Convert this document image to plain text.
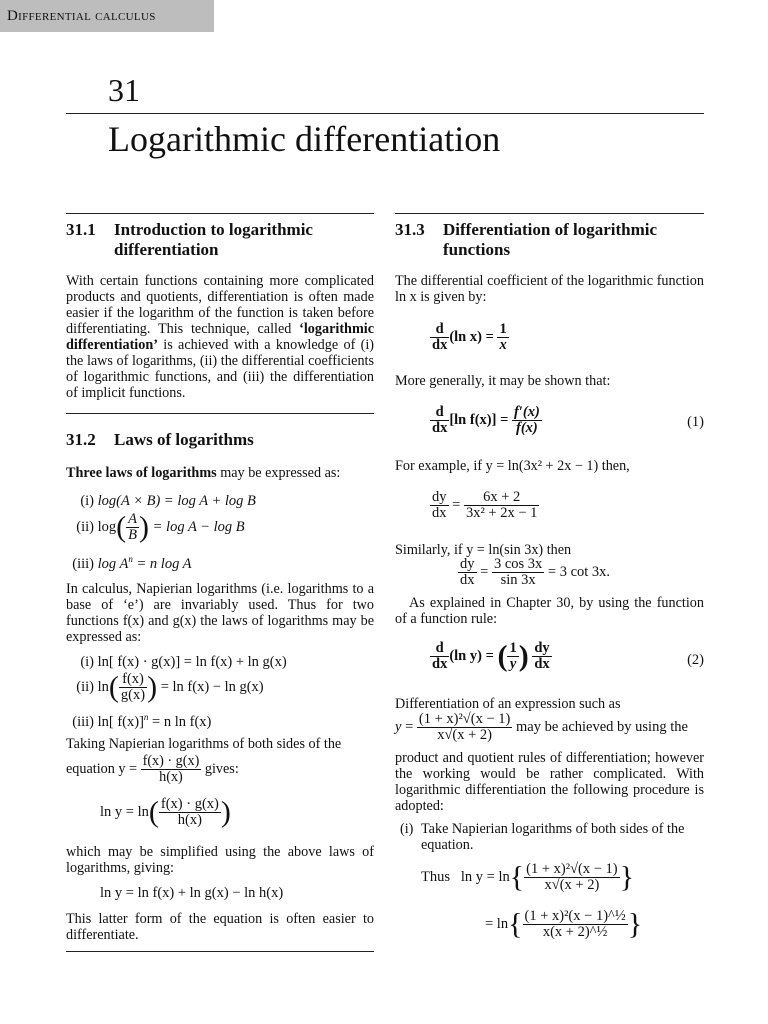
Differential calculus
31
Logarithmic differentiation
31.1 Introduction to logarithmic
differentiation

With certain functions containing more complicated products and quotients, differentiation is often made easier if the logarithm of the function is taken before differentiating. This technique, called ‘logarithmic differentiation’ is achieved with a knowledge of (i) the laws of logarithms, (ii) the differential coefficients of logarithmic functions, and (iii) the differentiation of implicit functions.

31.2 Laws of logarithms

Three laws of logarithms may be expressed as:

(i) log(A × B) = log A + log B
(ii) $\log( \frac{A}{B}$ ) = log A − log B
(iii) $\log A^n = n$ log A

In calculus, Napierian logarithms (i.e. logarithms to a base of ‘e’) are invariably used. Thus for two functions f(x) and g(x) the laws of logarithms may be expressed as:

(i) ln[ f(x) · g(x)] = ln f(x) + ln g(x)
(ii) $\ln( \frac{f(x)}{g(x)}$ ) = ln f(x) − ln g(x)
(iii) ln[ f(x)]$^n$ = n ln f(x)

Taking Napierian logarithms of both sides of the

equation $y = \frac{f(x) \cdot g(x)}{h(x)}$ gives:

$\ln y = \ln( \frac{f(x) \cdot g(x)}{h(x)}$ )

which may be simplified using the above laws of logarithms, giving:

ln y = ln f(x) + ln g(x) − ln h(x)

This latter form of the equation is often easier to differentiate.

31.3 Differentiation of logarithmic
functions

The differential coefficient of the logarithmic function ln x is given by:

$\frac{d}{dx} (\ln$ $x) = \frac{1}{x}$

More generally, it may be shown that:

$\frac{d}{dx} [\ln$ $f(x)] = \frac{f'(x)}{f(x)}$	(1)

For example, if y = ln(3x² + 2x − 1) then,

$\frac{dy}{dx} = \frac{6x + 2}{\text{3x² + 2x − 1}}$

Similarly, if y = ln(sin 3x) then

$\frac{dy}{dx} = \frac{3 \cos 3x}{\sin 3x} = 3$ cot 3x.

As explained in Chapter 30, by using the function of a function rule:

$\frac{d}{dx} (\ln$ y) = ( $\frac{1}{y}$ ) $\frac{dy}{dx}$	(2)

Differentiation of an expression such as

$y = \frac{\text{(1 + x)²√(x − 1)}}{x√(x + 2)}$ may be achieved by using the

product and quotient rules of differentiation; however the working would be rather complicated. With logarithmic differentiation the following procedure is adopted:

(i) Take Napierian logarithms of both sides of the equation.

Thus $\ln y = \ln\{ \frac{\text{(1 + x)²√(x − 1)}}{x√(x + 2)}$ }
= $\ln\{ \frac{\text{(1 + x)²(x − 1)\textasciicircum{}½}}{\text{x(x + 2)\textasciicircum{}½}}$ }
